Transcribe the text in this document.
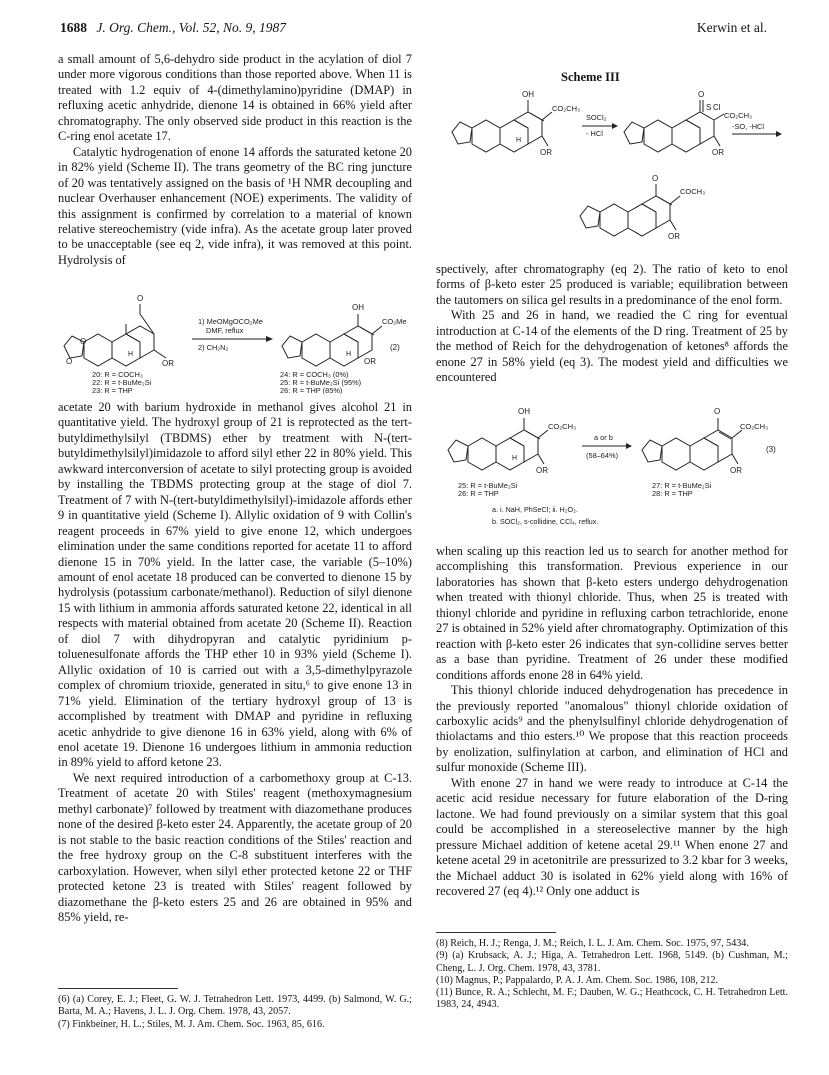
1688 J. Org. Chem., Vol. 52, No. 9, 1987	Kerwin et al.

a small amount of 5,6-dehydro side product in the acylation of diol 7 under more vigorous conditions than those reported above. When 11 is treated with 1.2 equiv of 4-(dimethylamino)pyridine (DMAP) in refluxing acetic anhydride, dienone 14 is obtained in 66% yield after chromatography. The only observed side product in this reaction is the C-ring enol acetate 17.

Catalytic hydrogenation of enone 14 affords the saturated ketone 20 in 82% yield (Scheme II). The trans geometry of the BC ring juncture of 20 was tentatively assigned on the basis of ¹H NMR decoupling and nuclear Overhauser enhancement (NOE) experiments. The validity of this assignment is confirmed by correlation to a material of known relative stereochemistry (vide infra). As the acetate group later proved to be unacceptable (see eq 2, vide infra), it was removed at this point. Hydrolysis of

O
O
O
OR
H
1) MeOMgOCO₂Me
DMF, reflux
2) CH₂N₂
OH
CO₂Me
OR
H
(2)
20: R = COCH₃
22: R = t-BuMe₂Si
23: R = THP
24: R = COCH₃ (0%)
25: R = t-BuMe₂Si (95%)
26: R = THP (85%)

acetate 20 with barium hydroxide in methanol gives alcohol 21 in quantitative yield. The hydroxyl group of 21 is reprotected as the tert-butyldimethylsilyl (TBDMS) ether by treatment with N-(tert-butyldimethylsilyl)imidazole to afford silyl ether 22 in 80% yield. This awkward interconversion of acetate to silyl protecting group is avoided by installing the TBDMS protecting group at the stage of diol 7. Treatment of 7 with N-(tert-butyldimethylsilyl)-imidazole affords ether 9 in quantitative yield (Scheme I). Allylic oxidation of 9 with Collin's reagent proceeds in 67% yield to give enone 12, which undergoes elimination under the same conditions reported for acetate 11 to afford dienone 15 in 70% yield. In the latter case, the variable (5–10%) amount of enol acetate 18 produced can be converted to dienone 15 by hydrolysis (potassium carbonate/methanol). Reduction of silyl dienone 15 with lithium in ammonia affords saturated ketone 22, identical in all respects with material obtained from acetate 20 (Scheme II). Reaction of diol 7 with dihydropyran and catalytic pyridinium p-toluenesulfonate affords the THP ether 10 in 93% yield (Scheme I). Allylic oxidation of 10 is carried out with a 3,5-dimethylpyrazole complex of chromium trioxide, generated in situ,⁶ to give enone 13 in 71% yield. Elimination of the tertiary hydroxyl group of 13 is accomplished by treatment with DMAP and pyridine in refluxing acetic anhydride to give dienone 16 in 63% yield, along with 6% of enol acetate 19. Dienone 16 undergoes lithium in ammonia reduction in 89% yield to afford ketone 23.

We next required introduction of a carbomethoxy group at C-13. Treatment of acetate 20 with Stiles' reagent (methoxymagnesium methyl carbonate)⁷ followed by treatment with diazomethane produces none of the desired β-keto ester 24. Apparently, the acetate group of 20 is not stable to the basic reaction conditions of the Stiles' reaction and the free hydroxy group on the C-8 substituent interferes with the carboxylation. However, when silyl ether protected ketone 22 or THF protected ketone 23 is treated with Stiles' reagent followed by diazomethane the β-keto esters 25 and 26 are obtained in 95% and 85% yield, re-

(6) (a) Corey, E. J.; Fleet, G. W. J. Tetrahedron Lett. 1973, 4499. (b) Salmond, W. G.; Barta, M. A.; Havens, J. L. J. Org. Chem. 1978, 43, 2057.
(7) Finkbeiner, H. L.; Stiles, M. J. Am. Chem. Soc. 1963, 85, 616.
Scheme III
OH
CO₂CH₃
OR
H
SOCl₂
- HCl
O
S Cl
CO₂CH₃
OR
-SO, -HCl
O
COCH₃
OR

spectively, after chromatography (eq 2). The ratio of keto to enol forms of β-keto ester 25 produced is variable; equilibration between the tautomers on silica gel results in a predominance of the enol form.

With 25 and 26 in hand, we readied the C ring for eventual introduction at C-14 of the elements of the D ring. Treatment of 25 by the method of Reich for the dehydrogenation of ketones⁸ affords the enone 27 in 58% yield (eq 3). The modest yield and difficulties we encountered

OH
CO₂CH₃
OR
H
a or b
(58–64%)
O
CO₂CH₃
OR
(3)
25: R = t-BuMe₂Si
26: R = THP
27: R = t-BuMe₂Si
28: R = THP
a. i. NaH, PhSeCl; ii. H₂O₂.
b. SOCl₂, s-collidine, CCl₄, reflux.

when scaling up this reaction led us to search for another method for accomplishing this transformation. Previous experience in our laboratories has shown that β-keto esters undergo dehydrogenation when treated with thionyl chloride. Thus, when 25 is treated with thionyl chloride and pyridine in refluxing carbon tetrachloride, enone 27 is obtained in 52% yield after chromatography. Optimization of this reaction with β-keto ester 26 indicates that syn-collidine serves better as a base than pyridine. Treatment of 26 under these modified conditions affords enone 28 in 64% yield.

This thionyl chloride induced dehydrogenation has precedence in the previously reported "anomalous" thionyl chloride oxidation of carboxylic acids⁹ and the phenylsulfinyl chloride dehydrogenation of thiolactams and thio esters.¹⁰ We propose that this reaction proceeds by enolization, sulfinylation at carbon, and elimination of HCl and sulfur monoxide (Scheme III).

With enone 27 in hand we were ready to introduce at C-14 the acetic acid residue necessary for future elaboration of the D-ring lactone. We had found previously on a similar system that this goal could be accomplished in a stereoselective manner by the high pressure Michael addition of ketene acetal 29.¹¹ When enone 27 and ketene acetal 29 in acetonitrile are pressurized to 3.2 kbar for 3 weeks, the Michael adduct 30 is isolated in 62% yield along with 16% of recovered 27 (eq 4).¹² Only one adduct is

(8) Reich, H. J.; Renga, J. M.; Reich, I. L. J. Am. Chem. Soc. 1975, 97, 5434.
(9) (a) Krubsack, A. J.; Higa, A. Tetrahedron Lett. 1968, 5149. (b) Cushman, M.; Cheng, L. J. Org. Chem. 1978, 43, 3781.
(10) Magnus, P.; Pappalardo, P. A. J. Am. Chem. Soc. 1986, 108, 212.
(11) Bunce, R. A.; Schlecht, M. F.; Dauben, W. G.; Heathcock, C. H. Tetrahedron Lett. 1983, 24, 4943.
